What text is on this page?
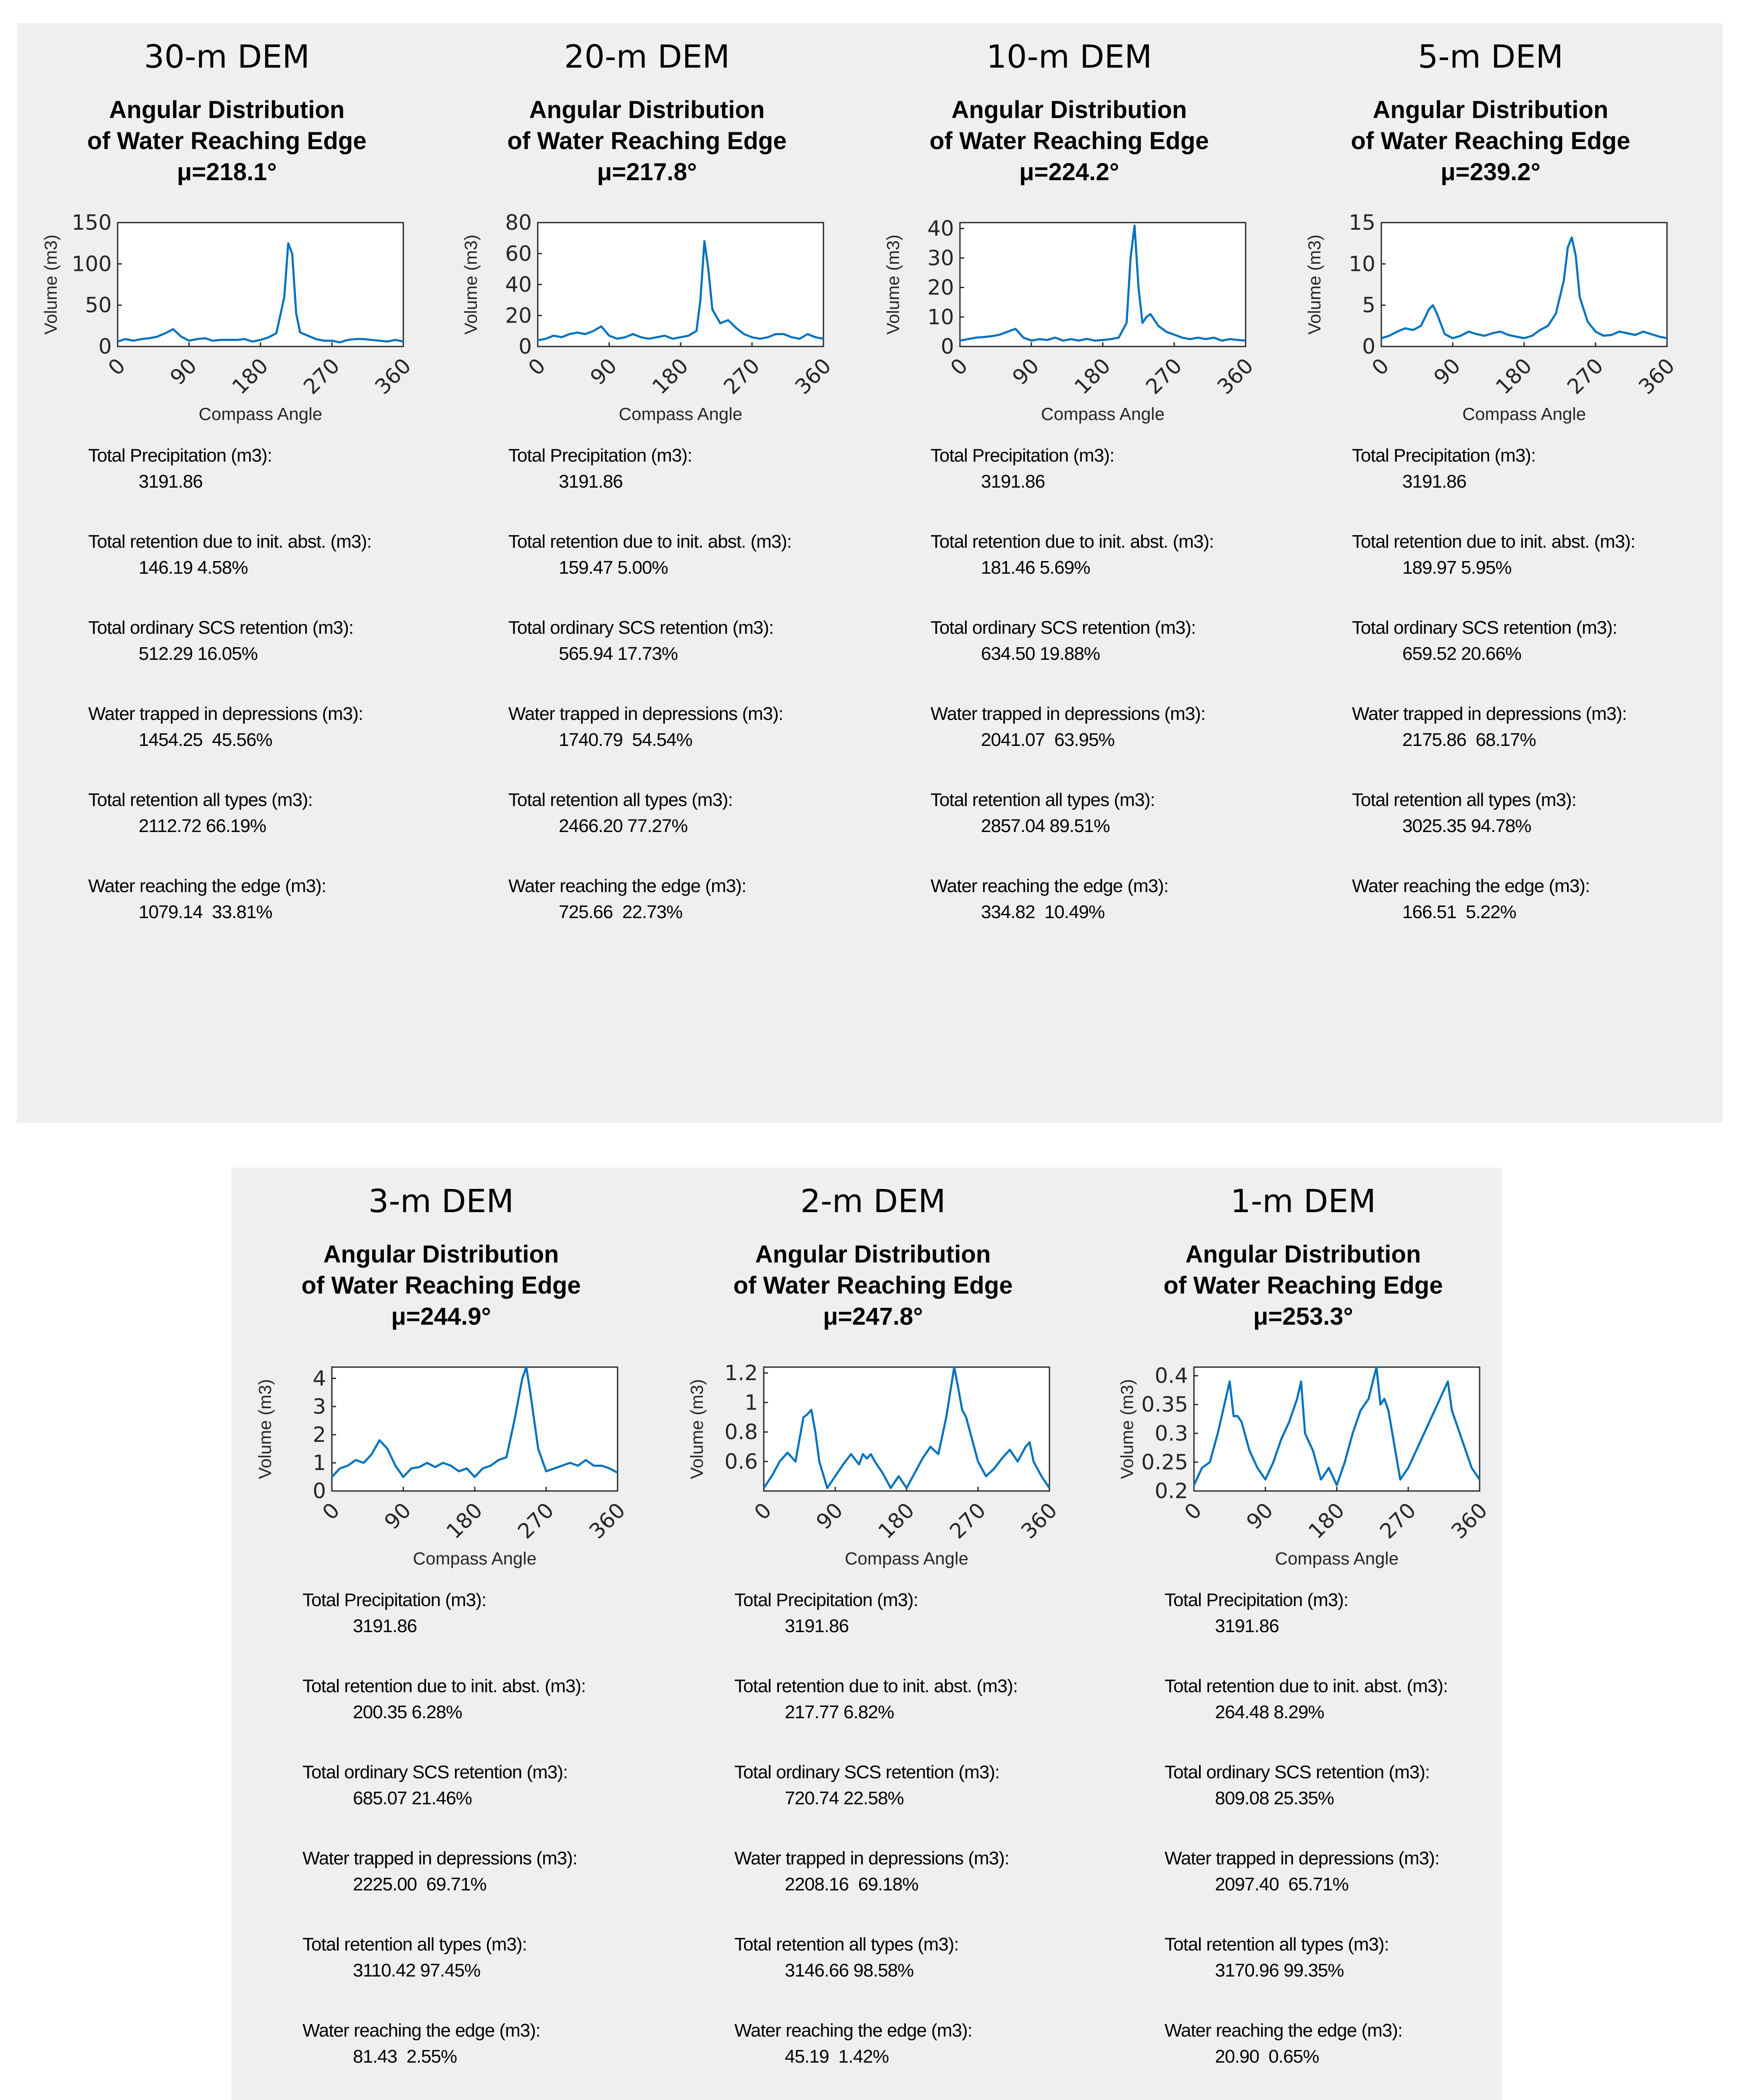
30-m DEM
Angular Distribution
of Water Reaching Edge
μ=218.1°
0
50
100
150
0 90 180 270 360
Volume (m3)
Compass Angle
Total Precipitation (m3):
3191.86
Total retention due to init. abst. (m3):
146.19 4.58%
Total ordinary SCS retention (m3):
512.29 16.05%
Water trapped in depressions (m3):
1454.25  45.56%
Total retention all types (m3):
2112.72 66.19%
Water reaching the edge (m3):
1079.14  33.81%
20-m DEM
Angular Distribution
of Water Reaching Edge
μ=217.8°
0
20
40
60
80
0 90 180 270 360
Volume (m3)
Compass Angle
Total Precipitation (m3):
3191.86
Total retention due to init. abst. (m3):
159.47 5.00%
Total ordinary SCS retention (m3):
565.94 17.73%
Water trapped in depressions (m3):
1740.79  54.54%
Total retention all types (m3):
2466.20 77.27%
Water reaching the edge (m3):
725.66  22.73%
10-m DEM
Angular Distribution
of Water Reaching Edge
μ=224.2°
0
10
20
30
40
0 90 180 270 360
Volume (m3)
Compass Angle
Total Precipitation (m3):
3191.86
Total retention due to init. abst. (m3):
181.46 5.69%
Total ordinary SCS retention (m3):
634.50 19.88%
Water trapped in depressions (m3):
2041.07  63.95%
Total retention all types (m3):
2857.04 89.51%
Water reaching the edge (m3):
334.82  10.49%
5-m DEM
Angular Distribution
of Water Reaching Edge
μ=239.2°
0
5
10
15
0 90 180 270 360
Volume (m3)
Compass Angle
Total Precipitation (m3):
3191.86
Total retention due to init. abst. (m3):
189.97 5.95%
Total ordinary SCS retention (m3):
659.52 20.66%
Water trapped in depressions (m3):
2175.86  68.17%
Total retention all types (m3):
3025.35 94.78%
Water reaching the edge (m3):
166.51  5.22%
3-m DEM
Angular Distribution
of Water Reaching Edge
μ=244.9°
0
1
2
3
4
0 90 180 270 360
Volume (m3)
Compass Angle
Total Precipitation (m3):
3191.86
Total retention due to init. abst. (m3):
200.35 6.28%
Total ordinary SCS retention (m3):
685.07 21.46%
Water trapped in depressions (m3):
2225.00  69.71%
Total retention all types (m3):
3110.42 97.45%
Water reaching the edge (m3):
81.43  2.55%
2-m DEM
Angular Distribution
of Water Reaching Edge
μ=247.8°
0.6
0.8
1
1.2
0 90 180 270 360
Volume (m3)
Compass Angle
Total Precipitation (m3):
3191.86
Total retention due to init. abst. (m3):
217.77 6.82%
Total ordinary SCS retention (m3):
720.74 22.58%
Water trapped in depressions (m3):
2208.16  69.18%
Total retention all types (m3):
3146.66 98.58%
Water reaching the edge (m3):
45.19  1.42%
1-m DEM
Angular Distribution
of Water Reaching Edge
μ=253.3°
0.2
0.25
0.3
0.35
0.4
0 90 180 270 360
Volume (m3)
Compass Angle
Total Precipitation (m3):
3191.86
Total retention due to init. abst. (m3):
264.48 8.29%
Total ordinary SCS retention (m3):
809.08 25.35%
Water trapped in depressions (m3):
2097.40  65.71%
Total retention all types (m3):
3170.96 99.35%
Water reaching the edge (m3):
20.90  0.65%
